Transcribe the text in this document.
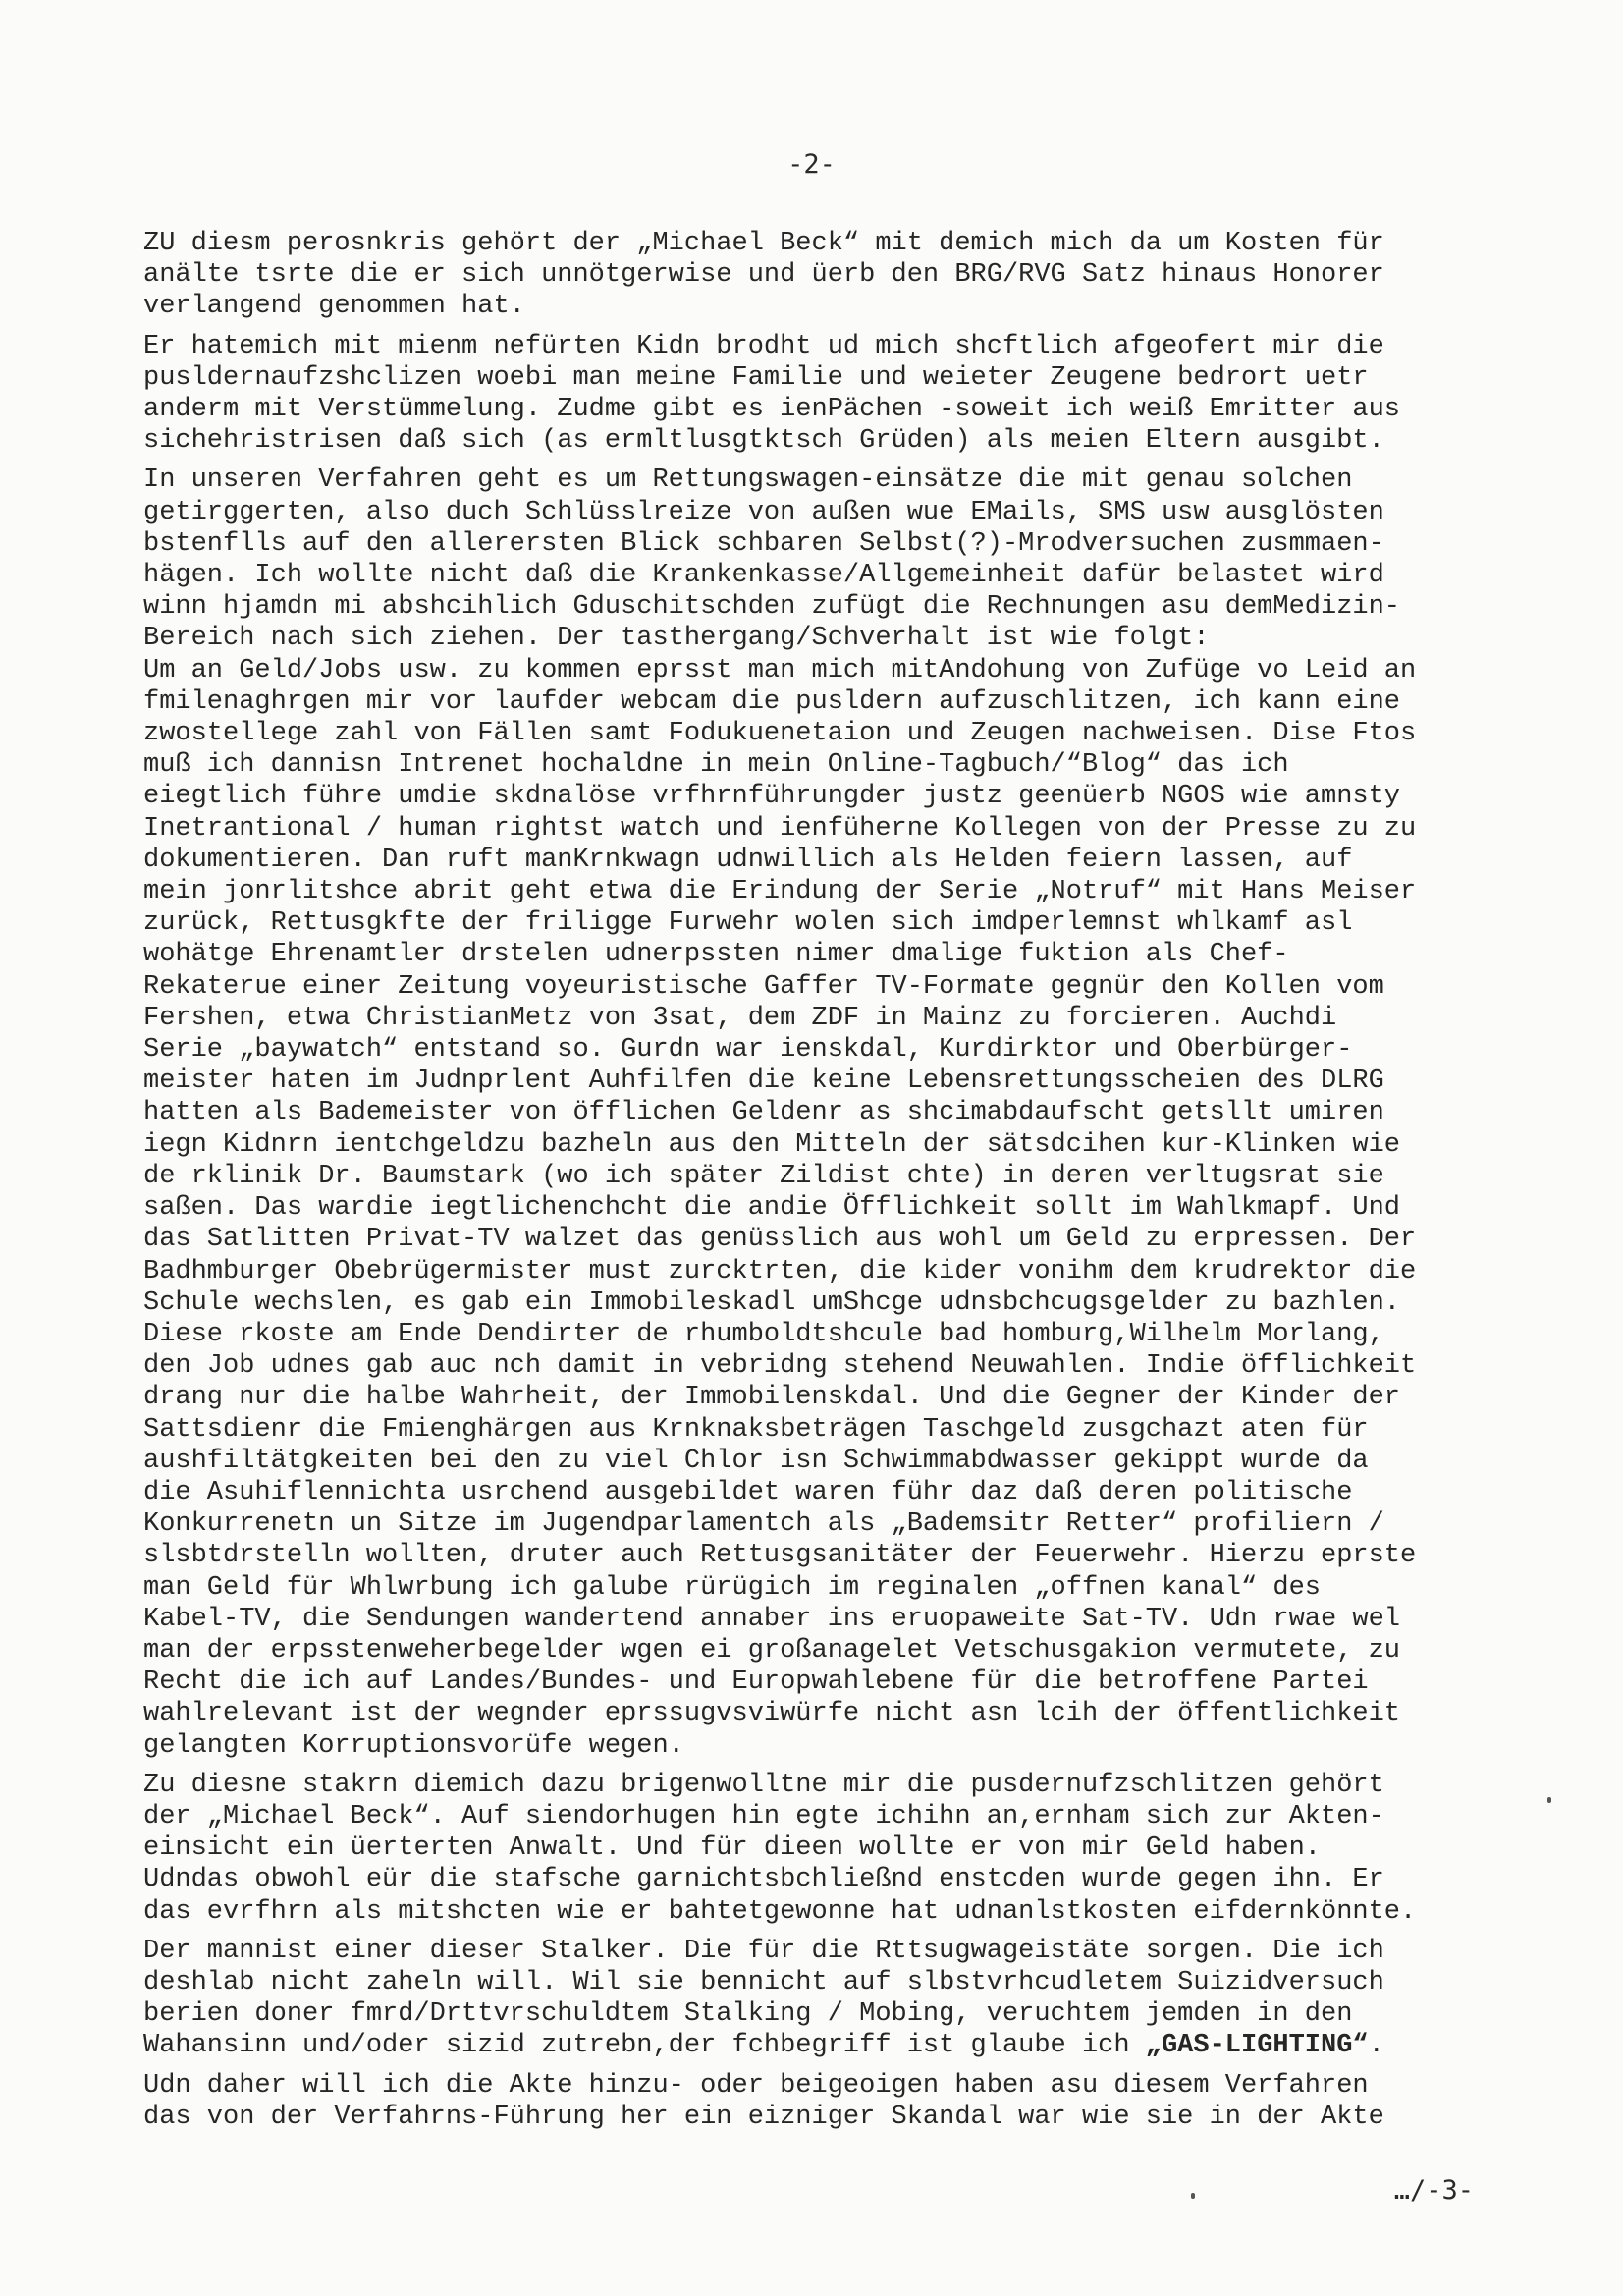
-2-
ZU diesm perosnkris gehört der „Michael Beck“ mit demich mich da um Kosten für
anälte tsrte die er sich unnötgerwise und üerb den BRG/RVG Satz hinaus Honorer
verlangend genommen hat.
Er hatemich mit mienm nefürten Kidn brodht ud mich shcftlich afgeofert mir die
pusldernaufzshclizen woebi man meine Familie und weieter Zeugene bedrort uetr
anderm mit Verstümmelung. Zudme gibt es ienPächen -soweit ich weiß Emritter aus
sichehristrisen daß sich (as ermltlusgtktsch Grüden) als meien Eltern ausgibt.
In unseren Verfahren geht es um Rettungswagen-einsätze die mit genau solchen
getirggerten, also duch Schlüsslreize von außen wue EMails, SMS usw ausglösten
bstenflls auf den allerersten Blick schbaren Selbst(?)-Mrodversuchen zusmmaen-
hägen. Ich wollte nicht daß die Krankenkasse/Allgemeinheit dafür belastet wird
winn hjamdn mi abshcihlich Gduschitschden zufügt die Rechnungen asu demMedizin-
Bereich nach sich ziehen. Der tasthergang/Schverhalt ist wie folgt:
Um an Geld/Jobs usw. zu kommen eprsst man mich mitAndohung von Zufüge vo Leid an
fmilenaghrgen mir vor laufder webcam die pusldern aufzuschlitzen, ich kann eine
zwostellege zahl von Fällen samt Fodukuenetaion und Zeugen nachweisen. Dise Ftos
muß ich dannisn Intrenet hochaldne in mein Online-Tagbuch/“Blog“ das ich
eiegtlich führe umdie skdnalöse vrfhrnführungder justz geenüerb NGOS wie amnsty
Inetrantional / human rightst watch und ienfüherne Kollegen von der Presse zu zu
dokumentieren. Dan ruft manKrnkwagn udnwillich als Helden feiern lassen, auf
mein jonrlitshce abrit geht etwa die Erindung der Serie „Notruf“ mit Hans Meiser
zurück, Rettusgkfte der friligge Furwehr wolen sich imdperlemnst whlkamf asl
wohätge Ehrenamtler drstelen udnerpssten nimer dmalige fuktion als Chef-
Rekaterue einer Zeitung voyeuristische Gaffer TV-Formate gegnür den Kollen vom
Fershen, etwa ChristianMetz von 3sat, dem ZDF in Mainz zu forcieren. Auchdi
Serie „baywatch“ entstand so. Gurdn war ienskdal, Kurdirktor und Oberbürger-
meister haten im Judnprlent Auhfilfen die keine Lebensrettungsscheien des DLRG
hatten als Bademeister von öfflichen Geldenr as shcimabdaufscht getsllt umiren
iegn Kidnrn ientchgeldzu bazheln aus den Mitteln der sätsdcihen kur-Klinken wie
de rklinik Dr. Baumstark (wo ich später Zildist chte) in deren verltugsrat sie
saßen. Das wardie iegtlichenchcht die andie Öfflichkeit sollt im Wahlkmapf. Und
das Satlitten Privat-TV walzet das genüsslich aus wohl um Geld zu erpressen. Der
Badhmburger Obebrügermister must zurcktrten, die kider vonihm dem krudrektor die
Schule wechslen, es gab ein Immobileskadl umShcge udnsbchcugsgelder zu bazhlen.
Diese rkoste am Ende Dendirter de rhumboldtshcule bad homburg,Wilhelm Morlang,
den Job udnes gab auc nch damit in vebridng stehend Neuwahlen. Indie öfflichkeit
drang nur die halbe Wahrheit, der Immobilenskdal. Und die Gegner der Kinder der
Sattsdienr die Fmienghärgen aus Krnknaksbeträgen Taschgeld zusgchazt aten für
aushfiltätgkeiten bei den zu viel Chlor isn Schwimmabdwasser gekippt wurde da
die Asuhiflennichta usrchend ausgebildet waren führ daz daß deren politische
Konkurrenetn un Sitze im Jugendparlamentch als „Bademsitr Retter“ profiliern /
slsbtdrstelln wollten, druter auch Rettusgsanitäter der Feuerwehr. Hierzu eprste
man Geld für Whlwrbung ich galube rürügich im reginalen „offnen kanal“ des
Kabel-TV, die Sendungen wandertend annaber ins eruopaweite Sat-TV. Udn rwae wel
man der erpsstenweherbegelder wgen ei großanagelet Vetschusgakion vermutete, zu
Recht die ich auf Landes/Bundes- und Europwahlebene für die betroffene Partei
wahlrelevant ist der wegnder eprssugvsviwürfe nicht asn lcih der öffentlichkeit
gelangten Korruptionsvorüfe wegen.
Zu diesne stakrn diemich dazu brigenwolltne mir die pusdernufzschlitzen gehört
der „Michael Beck“. Auf siendorhugen hin egte ichihn an,ernham sich zur Akten-
einsicht ein üerterten Anwalt. Und für dieen wollte er von mir Geld haben.
Udndas obwohl eür die stafsche garnichtsbchließnd enstcden wurde gegen ihn. Er
das evrfhrn als mitshcten wie er bahtetgewonne hat udnanlstkosten eifdernkönnte.
Der mannist einer dieser Stalker. Die für die Rttsugwageistäte sorgen. Die ich
deshlab nicht zaheln will. Wil sie bennicht auf slbstvrhcudletem Suizidversuch
berien doner fmrd/Drttvrschuldtem Stalking / Mobing, veruchtem jemden in den
Wahansinn und/oder sizid zutrebn,der fchbegriff ist glaube ich „GAS-LIGHTING“.
Udn daher will ich die Akte hinzu- oder beigeoigen haben asu diesem Verfahren
das von der Verfahrns-Führung her ein eizniger Skandal war wie sie in der Akte
…/-3-
